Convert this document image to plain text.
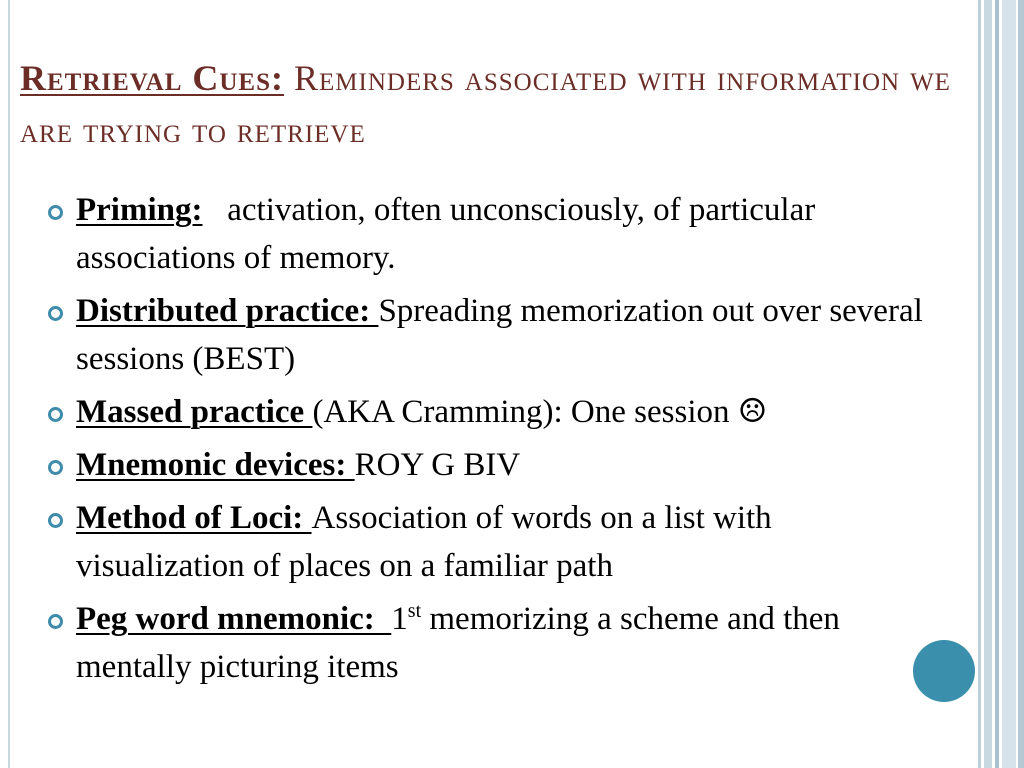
Retrieval Cues: Reminders associated with information we are trying to retrieve
Priming:   activation, often unconsciously, of particular associations of memory.
Distributed practice: Spreading memorization out over several sessions (BEST)
Massed practice (AKA Cramming): One session ☹
Mnemonic devices: ROY G BIV
Method of Loci: Association of words on a list with visualization of places on a familiar path
Peg word mnemonic:  1st memorizing a scheme and then mentally picturing items
